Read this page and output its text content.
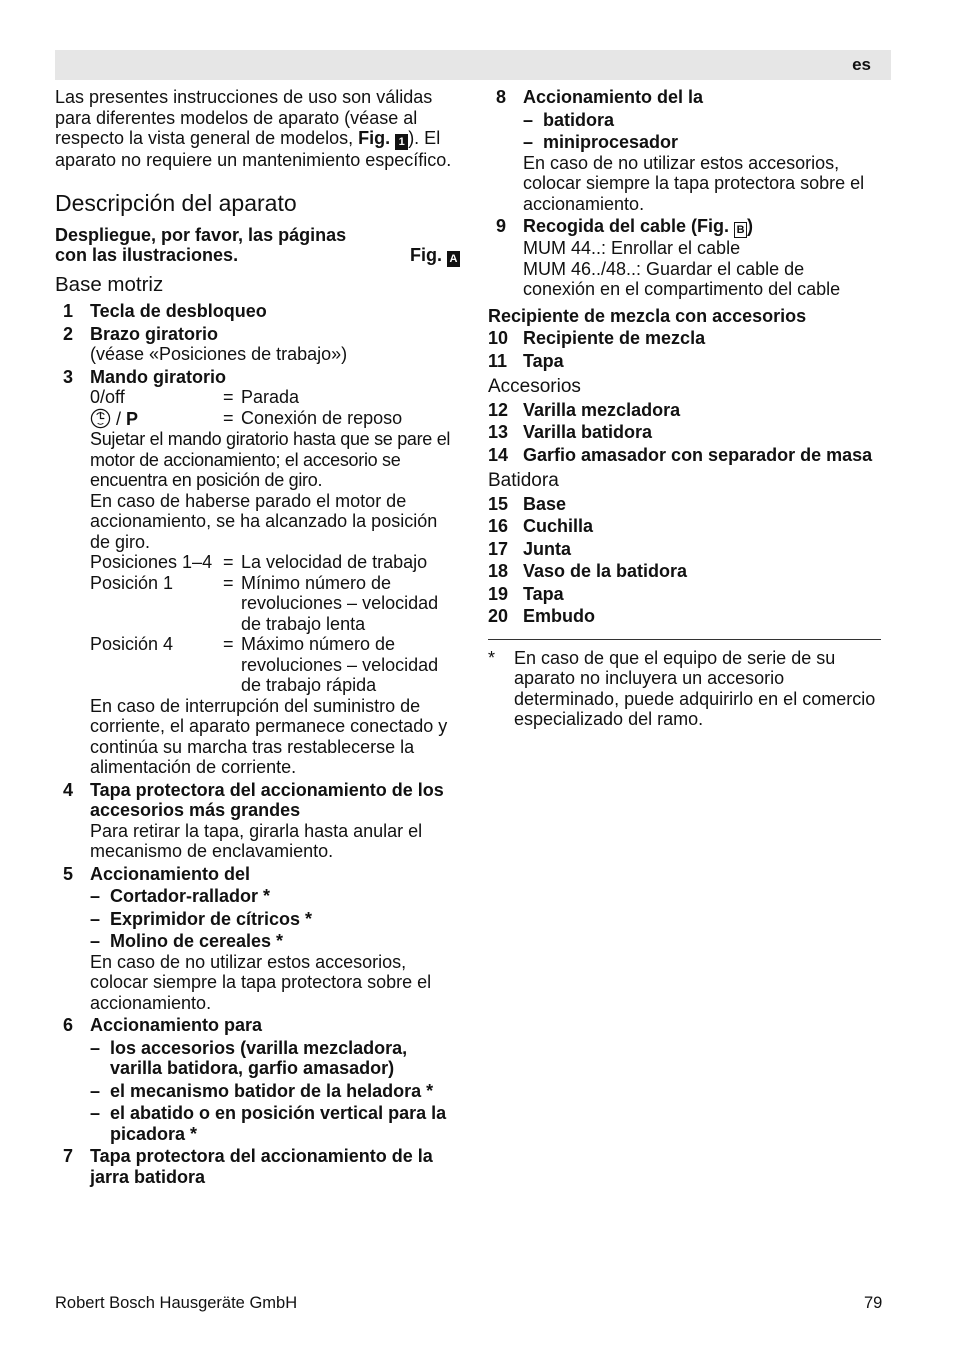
es

Las presentes instrucciones de uso son válidas para diferentes modelos de aparato (véase al respecto la vista general de modelos, Fig. 1 ). El aparato no requiere un mantenimiento específico.

Descripción del aparato
Despliegue, por favor, las páginas
con las ilustraciones.	Fig. A
Base motriz
1 Tecla de desbloqueo
2 Brazo giratorio
(véase «Posiciones de trabajo»)
3 Mando giratorio
0/off	= Parada
/ P	= Conexión de reposo
Sujetar el mando giratorio hasta que se pare el motor de accionamiento; el accesorio se encuentra en posición de giro.
En caso de haberse parado el motor de accionamiento, se ha alcanzado la posición de giro.
Posiciones 1–4 = La velocidad de trabajo
Posición 1	= Mínimo número de revoluciones – velocidad de trabajo lenta
Posición 4	= Máximo número de revoluciones – velocidad de trabajo rápida
En caso de interrupción del suministro de corriente, el aparato permanece conectado y continúa su marcha tras restablecerse la alimentación de corriente.
4 Tapa protectora del accionamiento de los accesorios más grandes
Para retirar la tapa, girarla hasta anular el mecanismo de enclavamiento.
5 Accionamiento del
– Cortador-rallador *
– Exprimidor de cítricos *
– Molino de cereales *
En caso de no utilizar estos accesorios, colocar siempre la tapa protectora sobre el accionamiento.
6 Accionamiento para
– los accesorios (varilla mezcladora, varilla batidora, garfio amasador)
– el mecanismo batidor de la heladora *
– el abatido o en posición vertical para la picadora *
7 Tapa protectora del accionamiento de la jarra batidora
8 Accionamiento del la
– batidora
– miniprocesador
En caso de no utilizar estos accesorios, colocar siempre la tapa protectora sobre el accionamiento.
9 Recogida del cable (Fig. B )
MUM 44..: Enrollar el cable
MUM 46../48..: Guardar el cable de conexión en el compartimento del cable
Recipiente de mezcla con accesorios
10 Recipiente de mezcla
11 Tapa
Accesorios
12 Varilla mezcladora
13 Varilla batidora
14 Garfio amasador con separador de masa
Batidora
15 Base
16 Cuchilla
17 Junta
18 Vaso de la batidora
19 Tapa
20 Embudo
*	En caso de que el equipo de serie de su aparato no incluyera un accesorio determinado, puede adquirirlo en el comercio especializado del ramo.
Robert Bosch Hausgeräte GmbH	79
